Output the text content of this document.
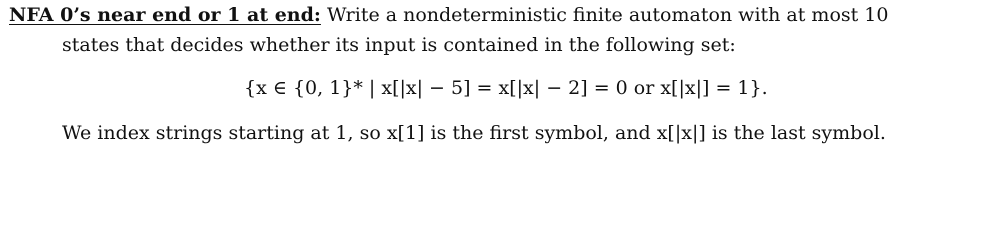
NFA 0’s near end or 1 at end: Write a nondeterministic finite automaton with at most 10
states that decides whether its input is contained in the following set:
{x ∈ {0, 1}* | x[|x| − 5] = x[|x| − 2] = 0 or x[|x|] = 1}.
We index strings starting at 1, so x[1] is the first symbol, and x[|x|] is the last symbol.
